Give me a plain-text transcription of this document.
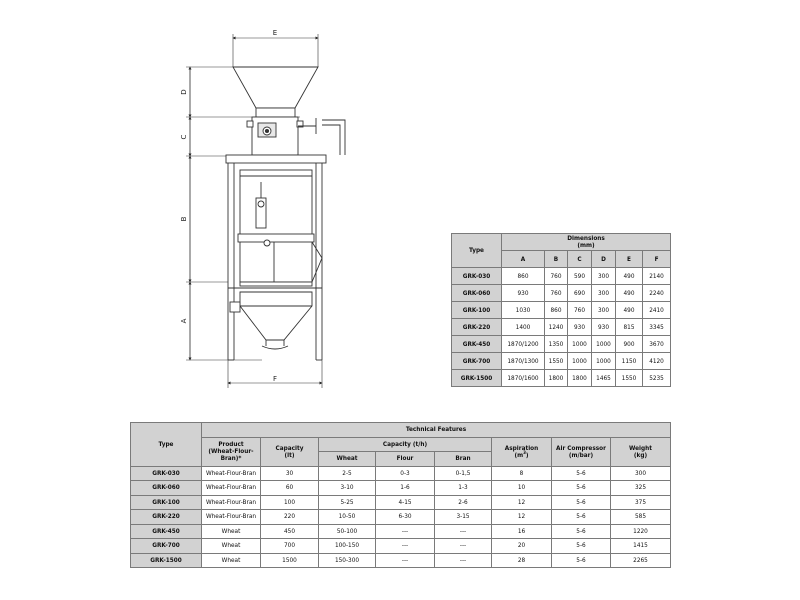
E
F
D
C
B
A
Type	Dimensions
(mm)					
	A	B	C	D	E	F
GRK-030	860	760	590	300	490	2140
GRK-060	930	760	690	300	490	2240
GRK-100	1030	860	760	300	490	2410
GRK-220	1400	1240	930	930	815	3345
GRK-450	1870/1200	1350	1000	1000	900	3670
GRK-700	1870/1300	1550	1000	1000	1150	4120
GRK-1500	1870/1600	1800	1800	1465	1550	5235
Type	Technical Features							
	Product
(Wheat-Flour-
Bran)*	Capacity
(lt)	Capacity (t/h)			Aspiration
$(m^3)$	Air Compressor
(m/bar)	Weight
(kg)
			Wheat	Flour	Bran			
GRK-030	Wheat-Flour-Bran	30	2-5	0-3	0-1,5	8	5-6	300
GRK-060	Wheat-Flour-Bran	60	3-10	1-6	1-3	10	5-6	325
GRK-100	Wheat-Flour-Bran	100	5-25	4-15	2-6	12	5-6	375
GRK-220	Wheat-Flour-Bran	220	10-50	6-30	3-15	12	5-6	585
GRK-450	Wheat	450	50-100	---	---	16	5-6	1220
GRK-700	Wheat	700	100-150	---	---	20	5-6	1415
GRK-1500	Wheat	1500	150-300	---	---	28	5-6	2265
